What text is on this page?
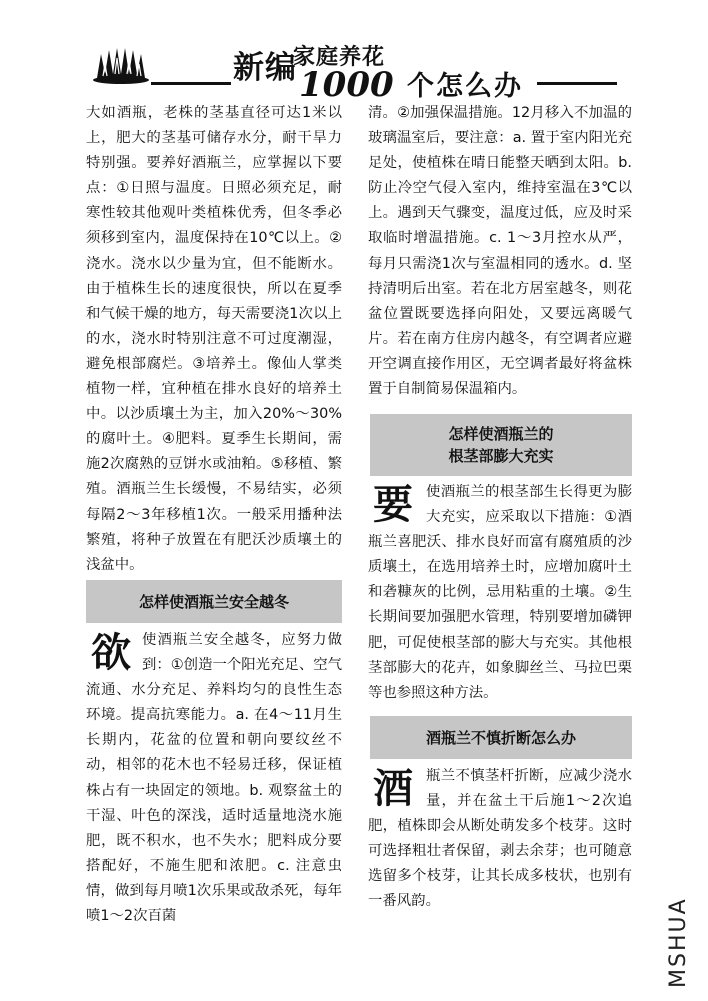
新编
家庭养花
1000 个怎么办

大如酒瓶，老株的茎基直径可达1米以上，肥大的茎基可储存水分，耐干旱力特别强。要养好酒瓶兰，应掌握以下要点：①日照与温度。日照必须充足，耐寒性较其他观叶类植株优秀，但冬季必须移到室内，温度保持在10℃以上。②浇水。浇水以少量为宜，但不能断水。由于植株生长的速度很快，所以在夏季和气候干燥的地方，每天需要浇1次以上的水，浇水时特别注意不可过度潮湿，避免根部腐烂。③培养土。像仙人掌类植物一样，宜种植在排水良好的培养土中。以沙质壤土为主，加入20%～30%的腐叶土。④肥料。夏季生长期间，需施2次腐熟的豆饼水或油粕。⑤移植、繁殖。酒瓶兰生长缓慢，不易结实，必须每隔2～3年移植1次。一般采用播种法繁殖，将种子放置在有肥沃沙质壤土的浅盆中。

怎样使酒瓶兰安全越冬
欲 使酒瓶兰安全越冬，应努力做到：①创造一个阳光充足、空气流通、水分充足、养料均匀的良性生态环境。提高抗寒能力。a. 在4～11月生长期内，花盆的位置和朝向要纹丝不动，相邻的花木也不轻易迁移，保证植株占有一块固定的领地。b. 观察盆土的干湿、叶色的深浅，适时适量地浇水施肥，既不积水，也不失水；肥料成分要搭配好，不施生肥和浓肥。c. 注意虫情，做到每月喷1次乐果或敌杀死，每年喷1～2次百菌

清。②加强保温措施。12月移入不加温的玻璃温室后，要注意：a. 置于室内阳光充足处，使植株在晴日能整天晒到太阳。b. 防止冷空气侵入室内，维持室温在3℃以上。遇到天气骤变，温度过低，应及时采取临时增温措施。c. 1～3月控水从严，每月只需浇1次与室温相同的透水。d. 坚持清明后出室。若在北方居室越冬，则花盆位置既要选择向阳处，又要远离暖气片。若在南方住房内越冬，有空调者应避开空调直接作用区，无空调者最好将盆株置于自制简易保温箱内。

怎样使酒瓶兰的
根茎部膨大充实
要 使酒瓶兰的根茎部生长得更为膨大充实，应采取以下措施：①酒瓶兰喜肥沃、排水良好而富有腐殖质的沙质壤土，在选用培养土时，应增加腐叶土和砻糠灰的比例，忌用粘重的土壤。②生长期间要加强肥水管理，特别要增加磷钾肥，可促使根茎部的膨大与充实。其他根茎部膨大的花卉，如象脚丝兰、马拉巴栗等也参照这种方法。

酒瓶兰不慎折断怎么办
酒 瓶兰不慎茎杆折断，应减少浇水量，并在盆土干后施1～2次追肥，植株即会从断处萌发多个枝芽。这时可选择粗壮者保留，剥去余芽；也可随意选留多个枝芽，让其长成多枝状，也别有一番风韵。	MSHUA
